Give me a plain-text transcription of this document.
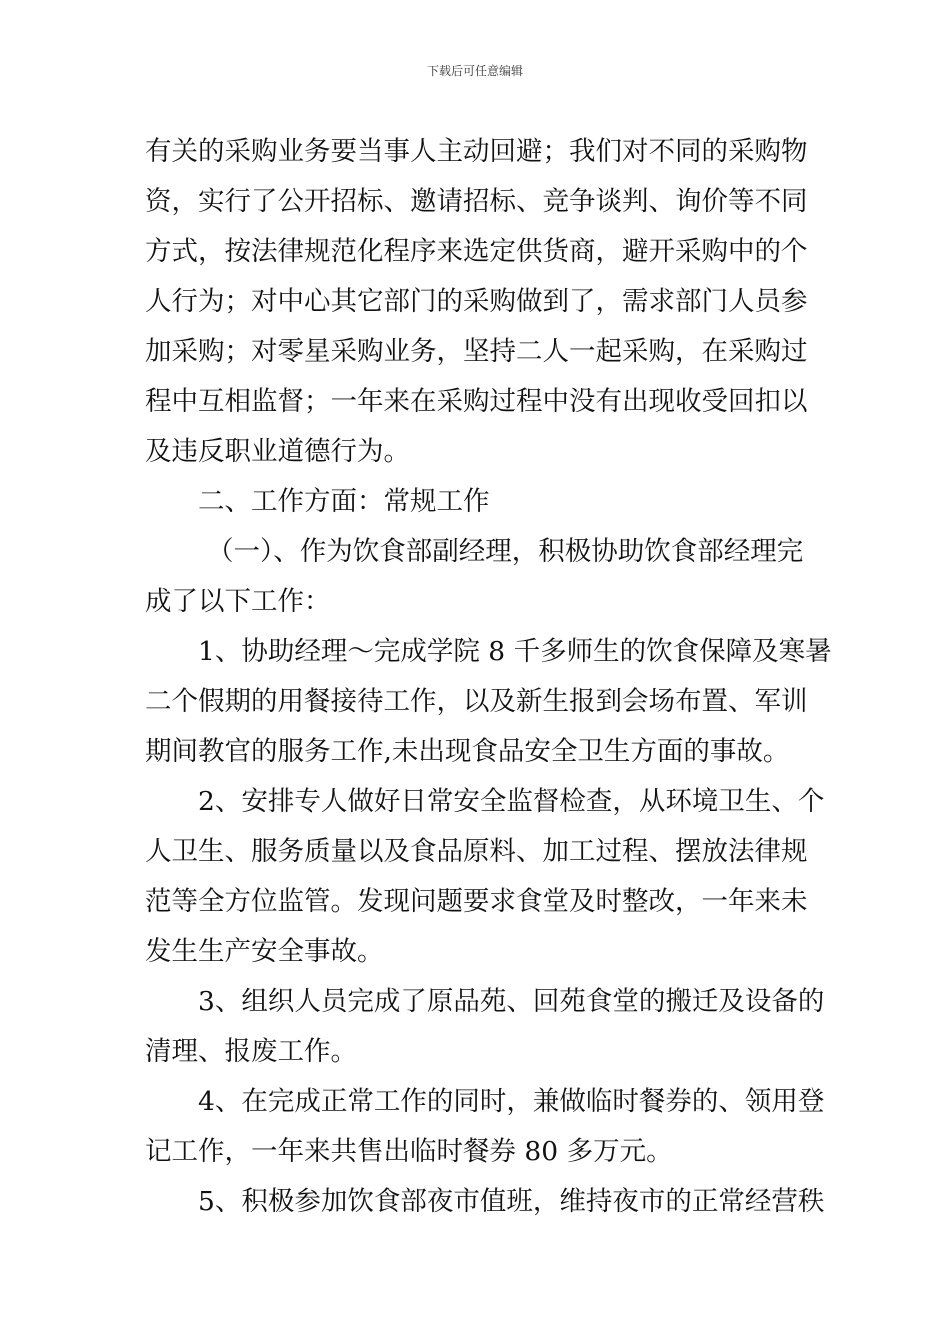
下载后可任意编辑
有关的采购业务要当事人主动回避；我们对不同的采购物
资，实行了公开招标、邀请招标、竞争谈判、询价等不同
方式，按法律规范化程序来选定供货商，避开采购中的个
人行为；对中心其它部门的采购做到了，需求部门人员参
加采购；对零星采购业务，坚持二人一起采购，在采购过
程中互相监督；一年来在采购过程中没有出现收受回扣以
及违反职业道德行为。
二、工作方面：常规工作
（一）、作为饮食部副经理，积极协助饮食部经理完
成了以下工作：
1、协助经理～完成学院 8 千多师生的饮食保障及寒暑
二个假期的用餐接待工作，以及新生报到会场布置、军训
期间教官的服务工作,未出现食品安全卫生方面的事故。
2、安排专人做好日常安全监督检查，从环境卫生、个
人卫生、服务质量以及食品原料、加工过程、摆放法律规
范等全方位监管。发现问题要求食堂及时整改，一年来未
发生生产安全事故。
3、组织人员完成了原品苑、回苑食堂的搬迁及设备的
清理、报废工作。
4、在完成正常工作的同时，兼做临时餐券的、领用登
记工作，一年来共售出临时餐券 80 多万元。
5、积极参加饮食部夜市值班，维持夜市的正常经营秩
